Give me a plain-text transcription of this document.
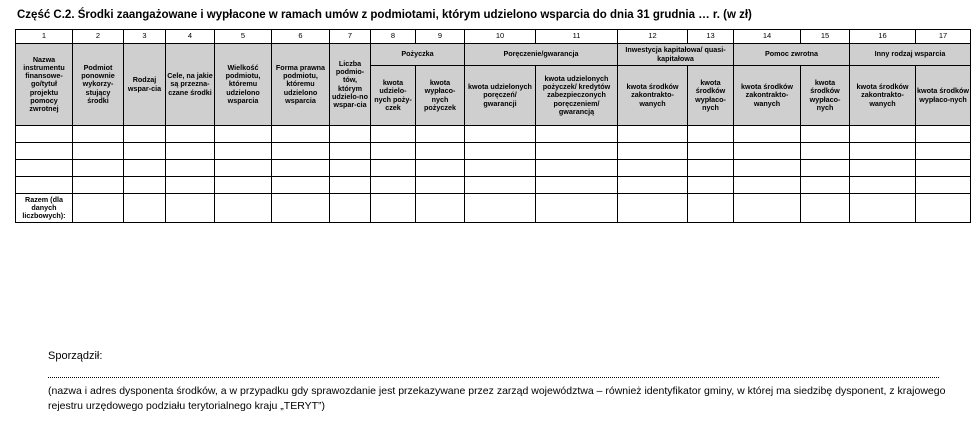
Część C.2. Środki zaangażowane i wypłacone w ramach umów z podmiotami, którym udzielono wsparcia do dnia 31 grudnia … r. (w zł)
1	2	3	4	5	6	7	8	9	10	11	12	13	14	15	16	17
Nazwa instrumentu finansowe-go/tytuł projektu pomocy zwrotnej	Podmiot ponownie wykorzy-stujący środki	Rodzaj wspar-cia	Cele, na jakie są przezna-czane środki	Wielkość podmiotu, któremu udzielono wsparcia	Forma prawna podmiotu, któremu udzielono wsparcia	Liczba podmio-tów, którym udzielo-no wspar-cia	Pożyczka		Poręczenie/gwarancja		Inwestycja kapitałowa/ quasi-kapitałowa		Pomoc zwrotna		Inny rodzaj wsparcia	
							kwota udzielo-nych poży-czek	kwota wypłaco-nych pożyczek	kwota udzielonych poręczeń/ gwarancji	kwota udzielonych pożyczek/ kredytów zabezpieczonych poręczeniem/ gwarancją	kwota środków zakontrakto-wanych	kwota środków wypłaco-nych	kwota środków zakontrakto-wanych	kwota środków wypłaco-nych	kwota środków zakontrakto-wanych	kwota środków wypłaco-nych

Razem (dla danych liczbowych):																
Sporządził:
(nazwa i adres dysponenta środków, a w przypadku gdy sprawozdanie jest przekazywane przez zarząd województwa – również identyfikator gminy, w której ma siedzibę dysponent, z krajowego rejestru urzędowego podziału terytorialnego kraju „TERYT”)
